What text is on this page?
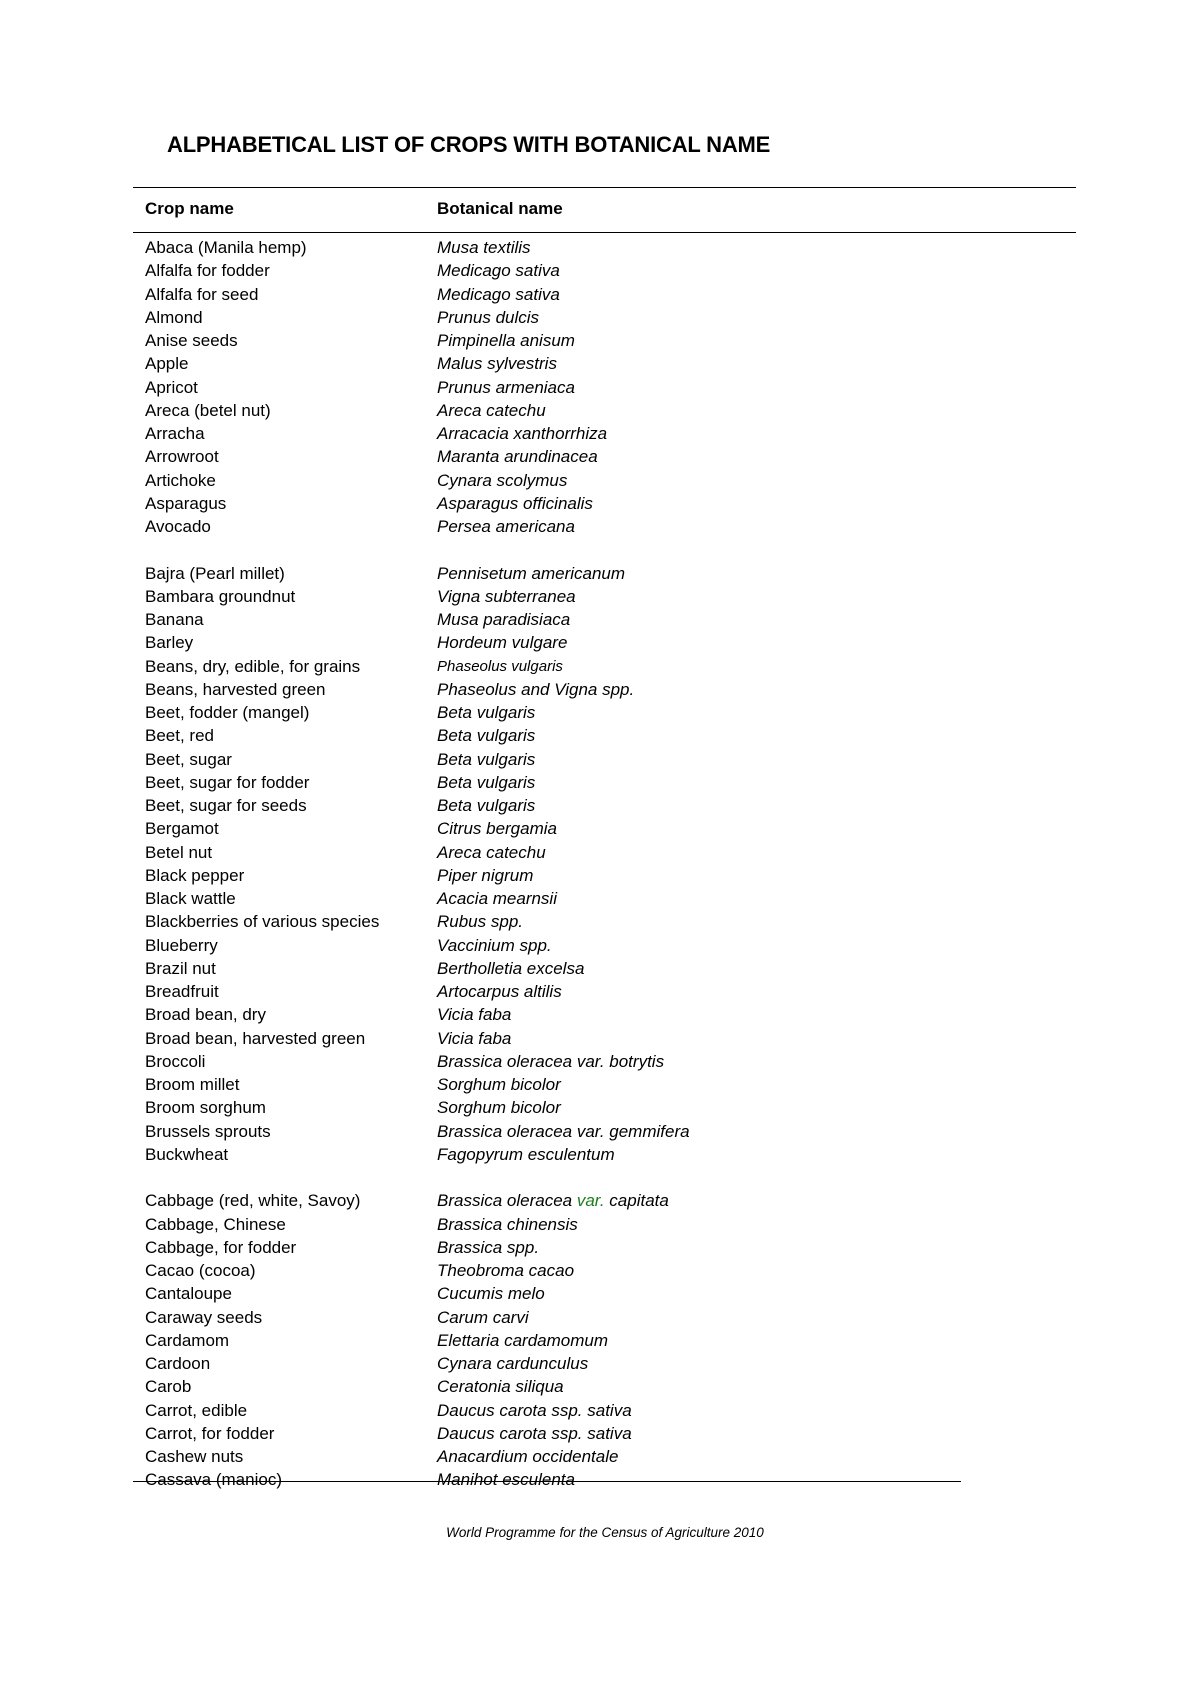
ALPHABETICAL LIST OF CROPS WITH BOTANICAL NAME
Crop name	Botanical name
Abaca (Manila hemp)	Musa textilis
Alfalfa for fodder	Medicago sativa
Alfalfa for seed	Medicago sativa
Almond	Prunus dulcis
Anise seeds	Pimpinella anisum
Apple	Malus sylvestris
Apricot	Prunus armeniaca
Areca (betel nut)	Areca catechu
Arracha	Arracacia xanthorrhiza
Arrowroot	Maranta arundinacea
Artichoke	Cynara scolymus
Asparagus	Asparagus officinalis
Avocado	Persea americana
Bajra (Pearl millet)	Pennisetum americanum
Bambara groundnut	Vigna subterranea
Banana	Musa paradisiaca
Barley	Hordeum vulgare
Beans, dry, edible, for grains	Phaseolus vulgaris
Beans, harvested green	Phaseolus and Vigna spp.
Beet, fodder (mangel)	Beta vulgaris
Beet, red	Beta vulgaris
Beet, sugar	Beta vulgaris
Beet, sugar for fodder	Beta vulgaris
Beet, sugar for seeds	Beta vulgaris
Bergamot	Citrus bergamia
Betel nut	Areca catechu
Black pepper	Piper nigrum
Black wattle	Acacia mearnsii
Blackberries of various species	Rubus spp.
Blueberry	Vaccinium spp.
Brazil nut	Bertholletia excelsa
Breadfruit	Artocarpus altilis
Broad bean, dry	Vicia faba
Broad bean, harvested green	Vicia faba
Broccoli	Brassica oleracea var. botrytis
Broom millet	Sorghum bicolor
Broom sorghum	Sorghum bicolor
Brussels sprouts	Brassica oleracea var. gemmifera
Buckwheat	Fagopyrum esculentum
Cabbage (red, white, Savoy)	Brassica oleracea var. capitata
Cabbage, Chinese	Brassica chinensis
Cabbage, for fodder	Brassica spp.
Cacao (cocoa)	Theobroma cacao
Cantaloupe	Cucumis melo
Caraway seeds	Carum carvi
Cardamom	Elettaria cardamomum
Cardoon	Cynara cardunculus
Carob	Ceratonia siliqua
Carrot, edible	Daucus carota ssp. sativa
Carrot, for fodder	Daucus carota ssp. sativa
Cashew nuts	Anacardium occidentale
Cassava (manioc)	Manihot esculenta
World Programme for the Census of Agriculture 2010
